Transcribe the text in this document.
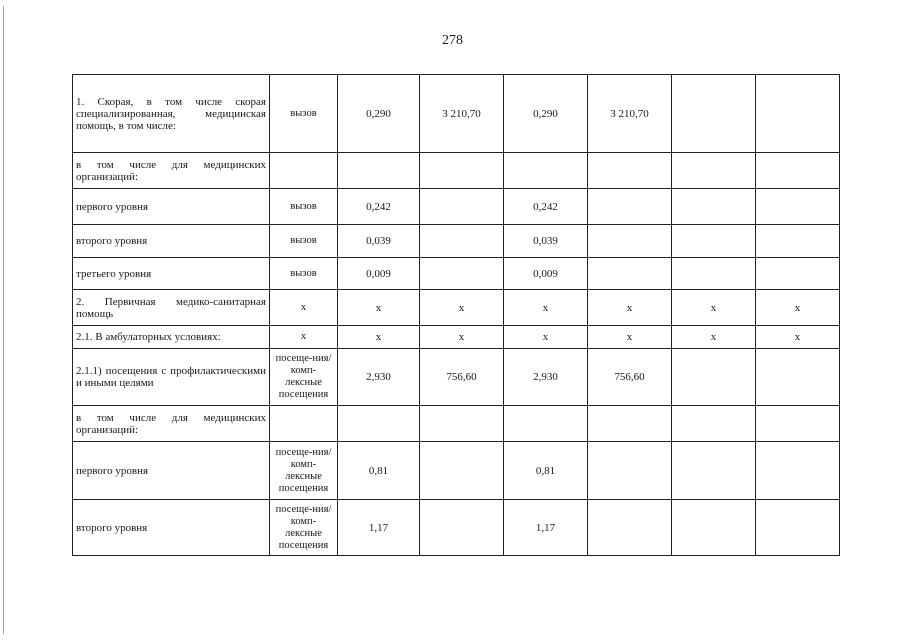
278
1. Скорая, в том числе скорая специализированная, медицинская помощь, в том числе:	вызов	0,290	3 210,70	0,290	3 210,70		
в том числе для медицинских организаций:							
первого уровня	вызов	0,242		0,242			
второго уровня	вызов	0,039		0,039			
третьего уровня	вызов	0,009		0,009			
2. Первичная медико-санитарная помощь	х	х	х	х	х	х	х
2.1. В амбулаторных условиях:	х	х	х	х	х	х	х
2.1.1) посещения с профилактическими и иными целями	посеще-ния/комп-лексные посещения	2,930	756,60	2,930	756,60		
в том числе для медицинских организаций:							
первого уровня	посеще-ния/комп-лексные посещения	0,81		0,81			
второго уровня	посеще-ния/комп-лексные посещения	1,17		1,17			
